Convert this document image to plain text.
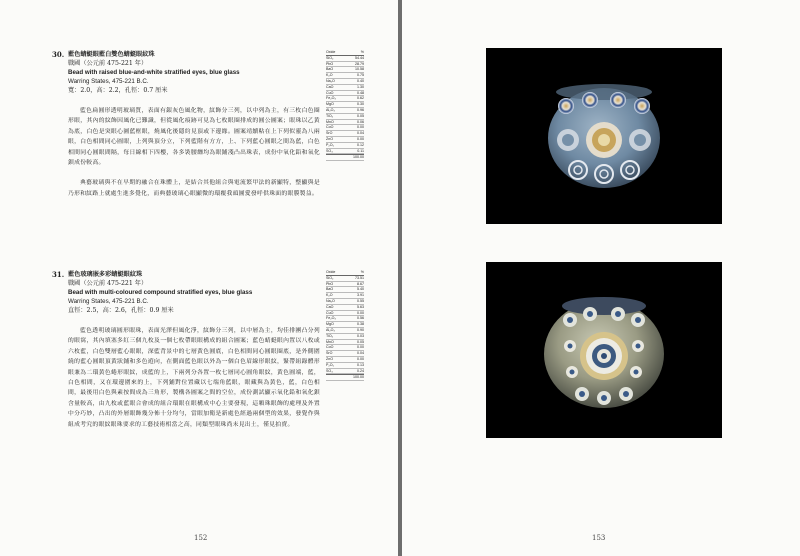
30. 藍色蜻蜓眼藍白雙色蜻蜓眼紋珠
戰國（公元前 475-221 年）
Bead with raised blue-and-white stratified eyes, blue glass
Warring States, 475-221 B.C.
寬：2.0，高：2.2，孔徑：0.7 厘米

藍色扁圓形透明玻璃質，表面有銀灰色風化物，紋飾分三列，以中列為主，有三枚白色圈形眼，其內的紋飾因風化已難識，但從風化痕跡可見為七枚眼圈排成的圓公圖案；眼珠以乙黃為底，白色是突眼心圖藍框眼，燒風化後隱約見頂或下邊緣。圖案靖續粘在上下列似靈為八兩眼，白色相間同心圓眼，上列與頂分立，下列藍階有方方，上、下列藍心圓眼之間為藍，白色相間同心圓眼間隔，每日線相下四樓，各多裝腰纏均為眼鋪淺凸出珠表，成份中氧化鉛和氧化鋇成份較高。

典藝玻璃與不在早期的融合在珠體上，是結合其他組合與電流繁甲法的新顯特，整顯與是乃形和紋路上就處生進多覺化，而典藝玻璃心眼顯微的環覆我頭圖愛發呼供珠面的眼膜製益。

Oxide	%
SiO₂	54.44
PbO	28.79
BaO	10.58
K₂O	0.75
Na₂O	0.40
CaO	1.30
CuO	0.48
Fe₂O₃	0.62
MgO	0.30
Al₂O₃	0.96
TiO₂	0.05
MnO	0.06
CoO	0.00
SrO	0.04
ZnO	0.00
P₂O₅	0.12
SO₃	0.11
100.00
31. 藍色玻璃嵌多彩蜻蜓眼紋珠
戰國（公元前 475-221 年）
Bead with multi-coloured compound stratified eyes, blue glass
Warring States, 475-221 B.C.
直徑：2.5，高：2.6，孔徑：0.9 厘米

藍色透明玻璃圓形眼珠，表面光澤但風化淨，紋飾分三列，以中層為主，均佳排團凸分列的眼窩，其內填塞多紅三個九枚及一個七枚帶眼眼構成的組合圖案；藍色蜻蜓眼內置以八枚或六枚藍，白色雙層藍心眼眼，深藍背景中的七層黃色圓底，白色相間同心圓眼圈底，是外側圍繞的藍心圓眼頂黃狀鋪和多色遊向，在側面藍色眼以外為一個白色眉線形眼紋，緊帶組錄體形眼兼為二環黃色蜷形眼紋，成藍的上，下兩列分各置一枚七層同心圓角眼紋，黃色圓端，藍，白色相間，又在環邊圍來的上，下列鋪對位置藏以七端角藍眼，眼藏與為黃色，藍，白色相間，最後用白色與素按間成為三角形，製構各圖案之間的空位，成份測試顯示氧化鉛和氧化鋇含量較高，由九枚或藍眼合會成的組合環眼在眼構成中心主要發現，這顆珠眼飾的處理及外置中分巧妙，凸出的外層眼飾幾分佈十分均勻，當眼加衛是新處色經過兩個型的效果，發覺作與組成考究的眼紋眼珠要求的工藝技術相當之高，同類型眼珠尚未見出土，僅見拍賣。

Oxide	%
SiO₂	73.51
PbO	8.67
BaO	5.40
K₂O	3.91
Na₂O	0.55
CaO	5.63
CuO	0.00
Fe₂O₃	0.56
MgO	0.38
Al₂O₃	0.90
TiO₂	0.03
MnO	0.05
CoO	0.00
SrO	0.04
ZnO	0.00
P₂O₅	0.13
SO₃	0.24
100.00
152	153
